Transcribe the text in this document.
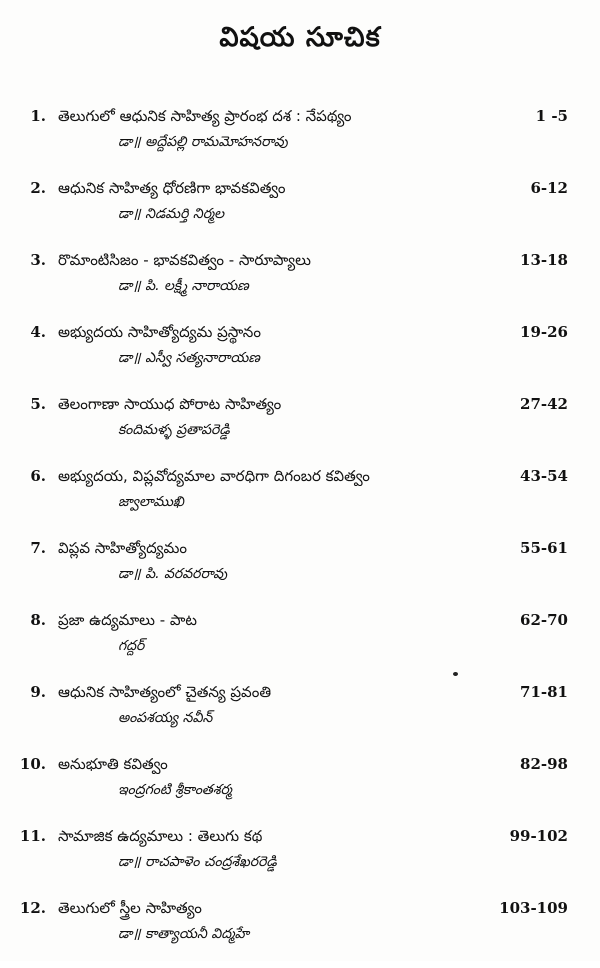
విషయ సూచిక
1. తెలుగులో ఆధునిక సాహిత్య ప్రారంభ దశ : నేపథ్యం	1 -5
డా॥ అద్దేపల్లి రామమోహనరావు
2. ఆధునిక సాహిత్య ధోరణిగా భావకవిత్వం	6-12
డా॥ నిడమర్తి నిర్మల
3. రొమాంటిసిజం - భావకవిత్వం - సారూప్యాలు	13-18
డా॥ పి. లక్ష్మీ నారాయణ
4. అభ్యుదయ సాహిత్యోద్యమ ప్రస్థానం	19-26
డా॥ ఎస్వీ సత్యనారాయణ
5. తెలంగాణా సాయుధ పోరాట సాహిత్యం	27-42
కందిమళ్ళ ప్రతాపరెడ్డి
6. అభ్యుదయ, విప్లవోద్యమాల వారధిగా దిగంబర కవిత్వం	43-54
జ్వాలాముఖి
7. విప్లవ సాహిత్యోద్యమం	55-61
డా॥ పి. వరవరరావు
8. ప్రజా ఉద్యమాలు - పాట	62-70
గద్దర్
9. ఆధునిక సాహిత్యంలో చైతన్య ప్రవంతి	71-81
అంపశయ్య నవీన్
10. అనుభూతి కవిత్వం	82-98
ఇంద్రగంటి శ్రీకాంతశర్మ
11. సామాజిక ఉద్యమాలు : తెలుగు కథ	99-102
డా॥ రాచపాళెం చంద్రశేఖరరెడ్డి
12. తెలుగులో స్త్రీల సాహిత్యం	103-109
డా॥ కాత్యాయనీ విద్మహే
